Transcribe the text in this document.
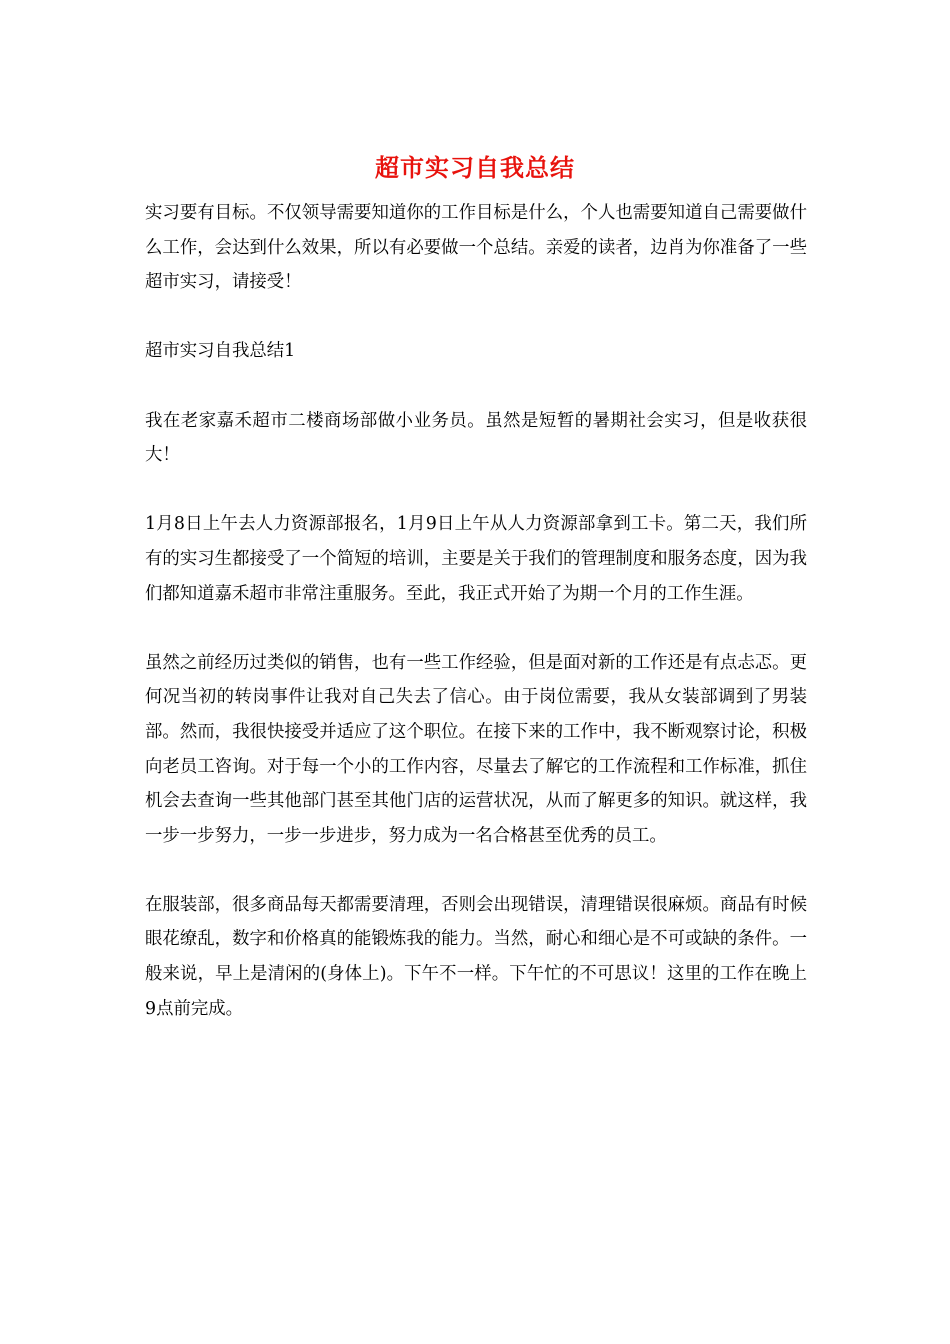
超市实习自我总结

实习要有目标。不仅领导需要知道你的工作目标是什么，个人也需要知道自己需要做什么工作，会达到什么效果，所以有必要做一个总结。亲爱的读者，边肖为你准备了一些超市实习，请接受！

超市实习自我总结1

我在老家嘉禾超市二楼商场部做小业务员。虽然是短暂的暑期社会实习，但是收获很大！

1月8日上午去人力资源部报名，1月9日上午从人力资源部拿到工卡。第二天，我们所有的实习生都接受了一个简短的培训，主要是关于我们的管理制度和服务态度，因为我们都知道嘉禾超市非常注重服务。至此，我正式开始了为期一个月的工作生涯。

虽然之前经历过类似的销售，也有一些工作经验，但是面对新的工作还是有点忐忑。更何况当初的转岗事件让我对自己失去了信心。由于岗位需要，我从女装部调到了男装部。然而，我很快接受并适应了这个职位。在接下来的工作中，我不断观察讨论，积极向老员工咨询。对于每一个小的工作内容，尽量去了解它的工作流程和工作标准，抓住机会去查询一些其他部门甚至其他门店的运营状况，从而了解更多的知识。就这样，我一步一步努力，一步一步进步，努力成为一名合格甚至优秀的员工。

在服装部，很多商品每天都需要清理，否则会出现错误，清理错误很麻烦。商品有时候眼花缭乱，数字和价格真的能锻炼我的能力。当然，耐心和细心是不可或缺的条件。一般来说，早上是清闲的(身体上)。下午不一样。下午忙的不可思议！这里的工作在晚上9点前完成。
